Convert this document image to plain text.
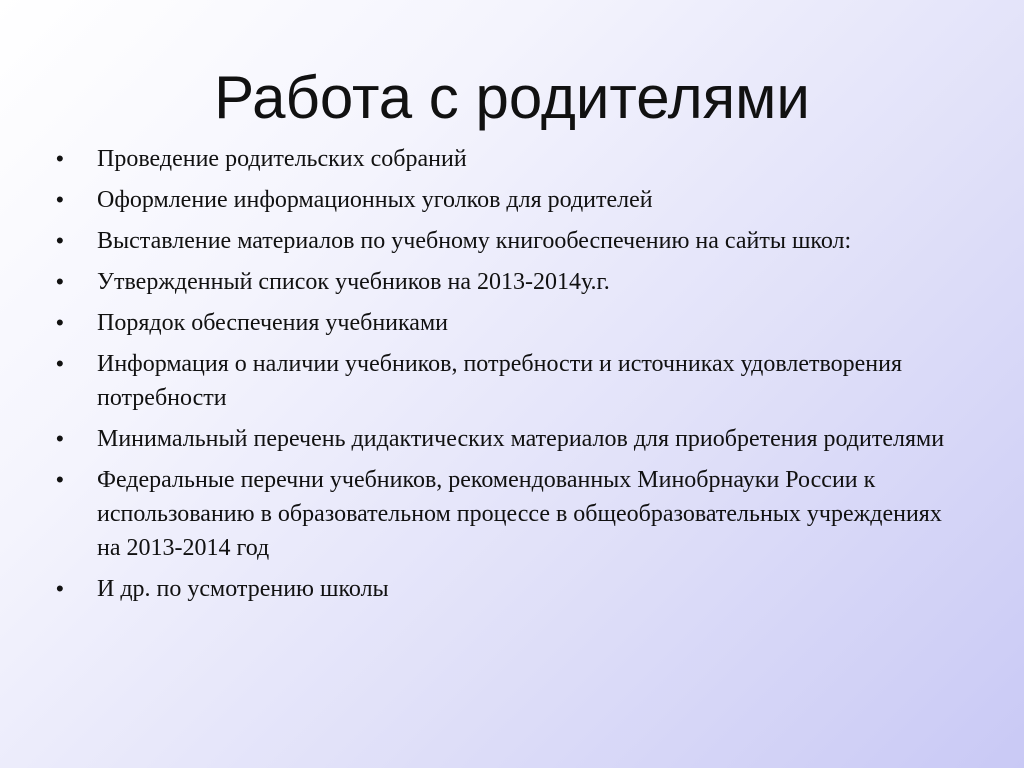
Работа с родителями
•	Проведение родительских собраний
•	Оформление информационных уголков для родителей
•	Выставление материалов по учебному книгообеспечению на сайты школ:
•	Утвержденный список учебников на 2013-2014у.г.
•	Порядок обеспечения учебниками
•	Информация о наличии учебников, потребности и источниках удовлетворения потребности
•	Минимальный перечень дидактических материалов для приобретения родителями
•	Федеральные перечни учебников, рекомендованных Минобрнауки России к использованию в образовательном процессе в общеобразовательных учреждениях
на 2013-2014 год
•	И др. по усмотрению школы
